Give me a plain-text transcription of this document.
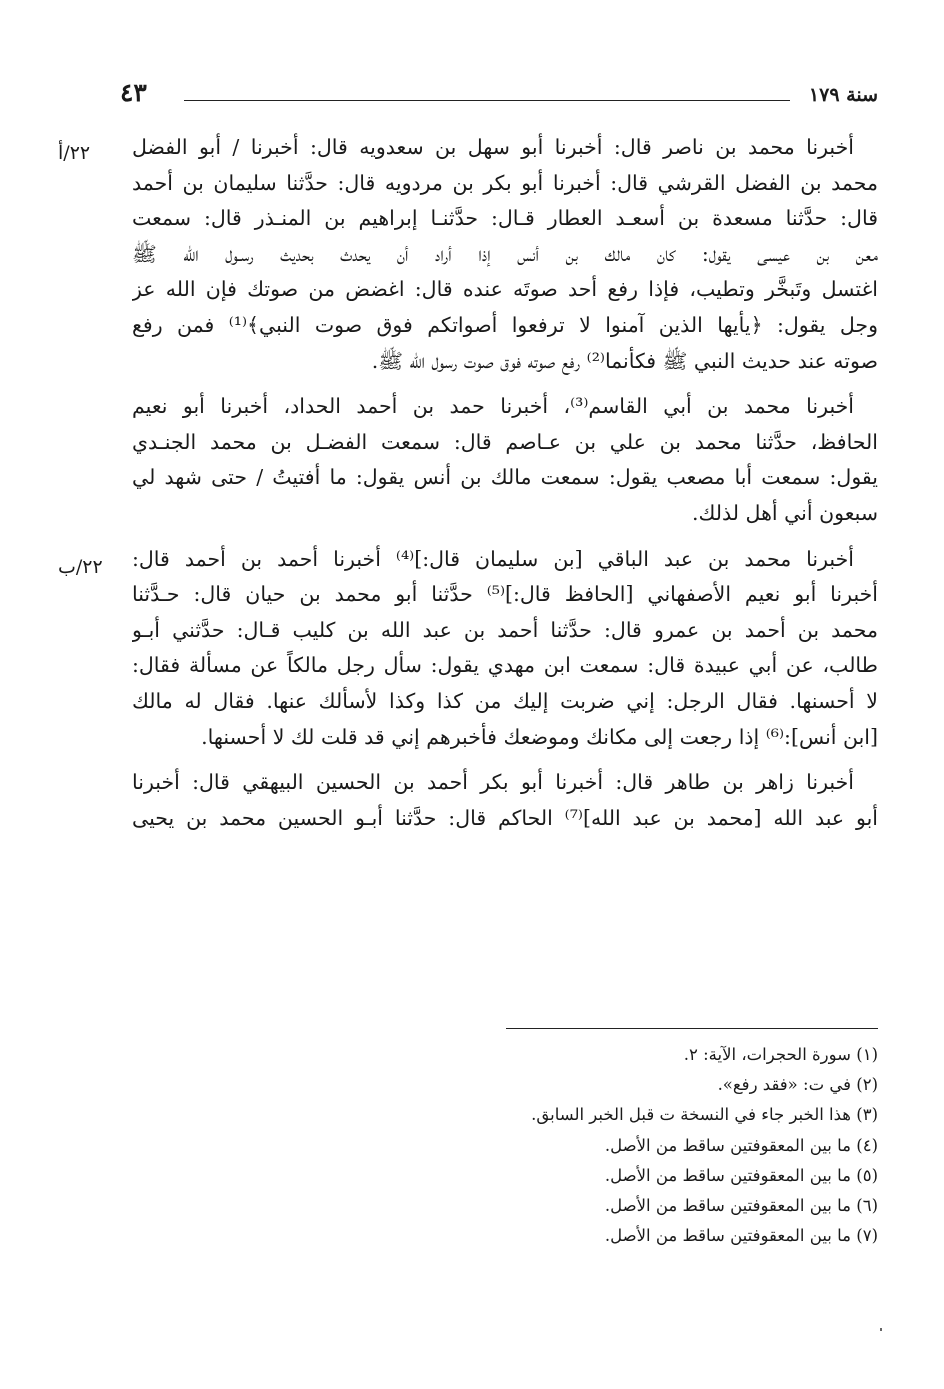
سنة ١٧٩
٤٣
٢٢/أ
٢٢/ب
أخبرنا محمد بن ناصر قال: أخبرنا أبو سهل بن سعدويه قال: أخبرنا / أبو الفضل
محمد بن الفضل القرشي قال: أخبرنا أبو بكر بن مردويه قال: حدَّثنا سليمان بن أحمد
قال: حدَّثنا مسعدة بن أسعـد العطار قـال: حدَّثنـا إبراهيم بن المنـذر قال: سمعت
معن بن عيسى يقول: كان مالك بن أنس إذا أراد أن يحدث بحديث رسـول الله ﷺ
اغتسل وتَبخَّر وتطيب، فإذا رفع أحد صوتَه عنده قال: اغضض من صوتك فإن الله عز
وجل يقول: ﴿يأيها الذين آمنوا لا ترفعوا أصواتكم فوق صوت النبي﴾⁽¹⁾ فمن رفع
صوته عند حديث النبي ﷺ فكأنما⁽²⁾ رفع صوته فوق صوت رسول الله ﷺ.
أخبرنا محمد بن أبي القاسم⁽³⁾، أخبرنا حمد بن أحمد الحداد، أخبرنا أبو نعيم
الحافظ، حدَّثنا محمد بن علي بن عـاصم قال: سمعت الفضـل بن محمد الجنـدي
يقول: سمعت أبا مصعب يقول: سمعت مالك بن أنس يقول: ما أفتيتُ / حتى شهد لي
سبعون أني أهل لذلك.
أخبرنا محمد بن عبد الباقي [بن سليمان قال:]⁽⁴⁾ أخبرنا أحمد بن أحمد قال:
أخبرنا أبو نعيم الأصفهاني [الحافظ قال:]⁽⁵⁾ حدَّثنا أبو محمد بن حيان قال: حـدَّثنا
محمد بن أحمد بن عمرو قال: حدَّثنا أحمد بن عبد الله بن كليب قـال: حدَّثني أبـو
طالب، عن أبي عبيدة قال: سمعت ابن مهدي يقول: سأل رجل مالكاً عن مسألة فقال:
لا أحسنها. فقال الرجل: إني ضربت إليك من كذا وكذا لأسألك عنها. فقال له مالك
[ابن أنس]:⁽⁶⁾ إذا رجعت إلى مكانك وموضعك فأخبرهم إني قد قلت لك لا أحسنها.
أخبرنا زاهر بن طاهر قال: أخبرنا أبو بكر أحمد بن الحسين البيهقي قال: أخبرنا
أبو عبد الله [محمد بن عبد الله]⁽⁷⁾ الحاكم قال: حدَّثنا أبـو الحسين محمد بن يحيى
(١) سورة الحجرات، الآية: ٢.
(٢) في ت: «فقد رفع».
(٣) هذا الخبر جاء في النسخة ت قبل الخبر السابق.
(٤) ما بين المعقوفتين ساقط من الأصل.
(٥) ما بين المعقوفتين ساقط من الأصل.
(٦) ما بين المعقوفتين ساقط من الأصل.
(٧) ما بين المعقوفتين ساقط من الأصل.
